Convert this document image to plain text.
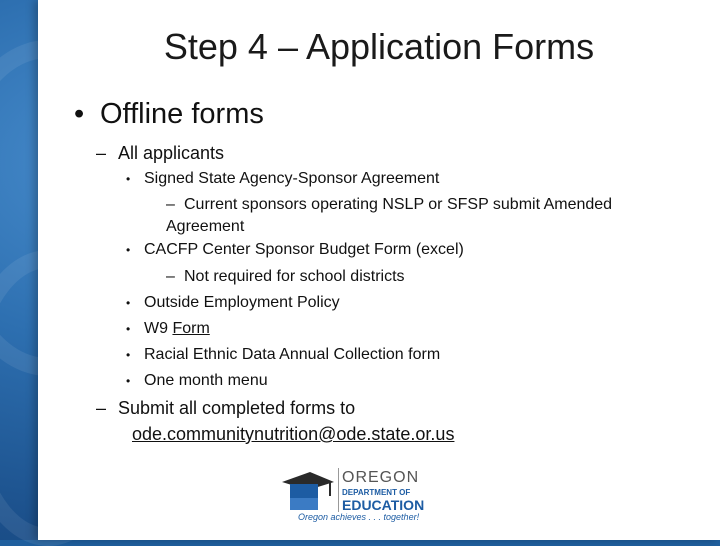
Step 4 – Application Forms
• Offline forms
– All applicants
• Signed State Agency-Sponsor Agreement
– Current sponsors operating NSLP or SFSP submit Amended Agreement
• CACFP Center Sponsor Budget Form (excel)
– Not required for school districts
• Outside Employment Policy
• W9 Form
• Racial Ethnic Data Annual Collection form
• One month menu
– Submit all completed forms to
ode.communitynutrition@ode.state.or.us
OREGON
DEPARTMENT OF
EDUCATION
Oregon achieves . . . together!
